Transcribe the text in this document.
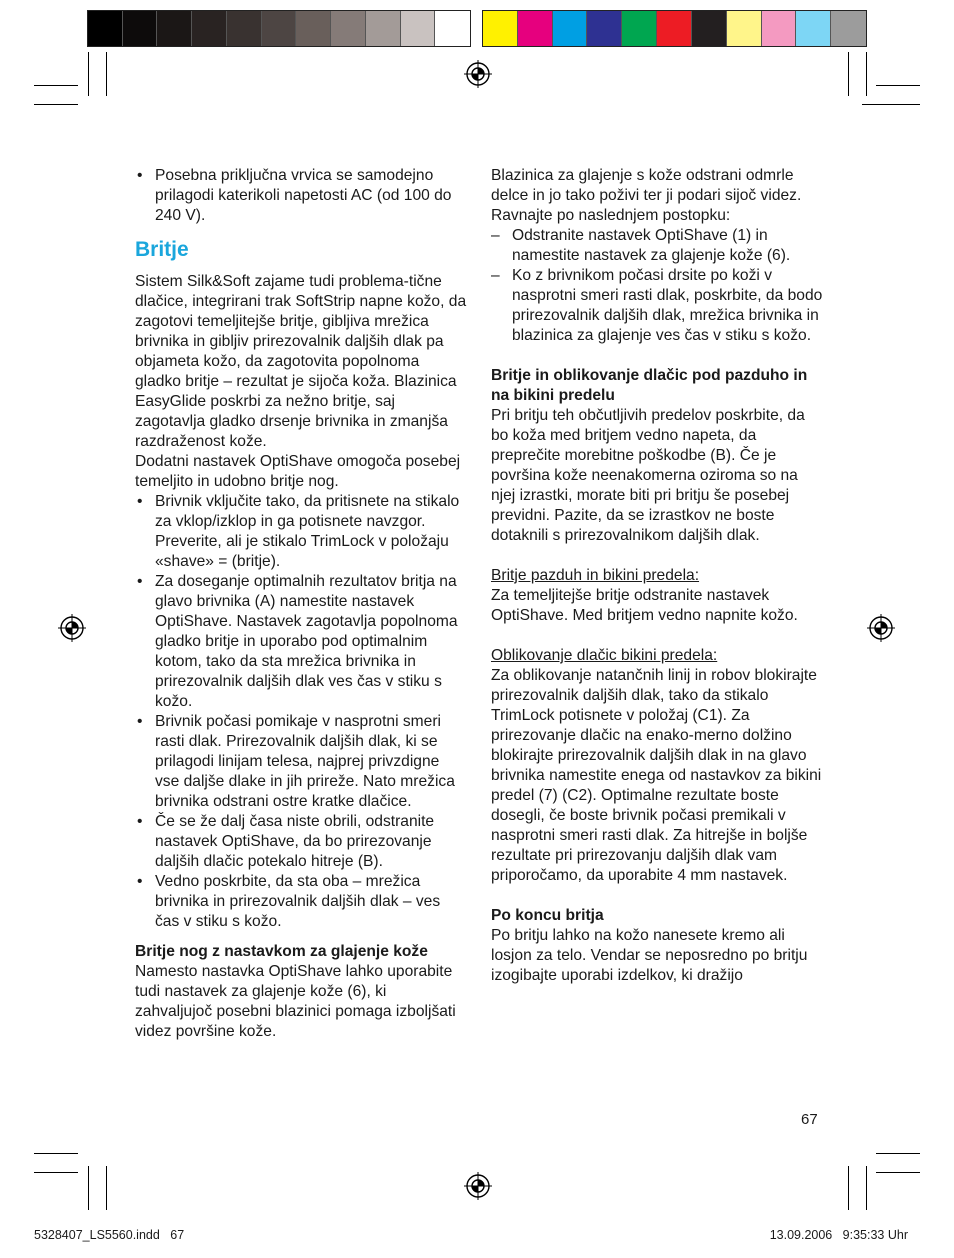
• Posebna priključna vrvica se samodejno prilagodi katerikoli napetosti AC (od 100 do 240 V).

Britje

Sistem Silk&Soft zajame tudi problema-tične dlačice, integrirani trak SoftStrip napne kožo, da zagotovi temeljitejše britje, gibljiva mrežica brivnika in gibljiv prirezovalnik daljših dlak pa objameta kožo, da zagotovita popolnoma gladko britje – rezultat je sijoča koža. Blazinica EasyGlide poskrbi za nežno britje, saj zagotavlja gladko drsenje brivnika in zmanjša razdraženost kože.

Dodatni nastavek OptiShave omogoča posebej temeljito in udobno britje nog.

• Brivnik vključite tako, da pritisnete na stikalo za vklop/izklop in ga potisnete navzgor. Preverite, ali je stikalo TrimLock v položaju «shave» = (britje).
• Za doseganje optimalnih rezultatov britja na glavo brivnika (A) namestite nastavek OptiShave. Nastavek zagotavlja popolnoma gladko britje in uporabo pod optimalnim kotom, tako da sta mrežica brivnika in prirezovalnik daljših dlak ves čas v stiku s kožo.
• Brivnik počasi pomikaje v nasprotni smeri rasti dlak. Prirezovalnik daljših dlak, ki se prilagodi linijam telesa, najprej privzdigne vse daljše dlake in jih prireže. Nato mrežica brivnika odstrani ostre kratke dlačice.
• Če se že dalj časa niste obrili, odstranite nastavek OptiShave, da bo prirezovanje daljših dlačic potekalo hitreje (B).
• Vedno poskrbite, da sta oba – mrežica brivnika in prirezovalnik daljših dlak – ves čas v stiku s kožo.

Britje nog z nastavkom za glajenje kože

Namesto nastavka OptiShave lahko uporabite tudi nastavek za glajenje kože (6), ki zahvaljujoč posebni blazinici pomaga izboljšati videz površine kože.

Blazinica za glajenje s kože odstrani odmrle delce in jo tako poživi ter ji podari sijoč videz.

Ravnajte po naslednjem postopku:

– Odstranite nastavek OptiShave (1) in namestite nastavek za glajenje kože (6).
– Ko z brivnikom počasi drsite po koži v nasprotni smeri rasti dlak, poskrbite, da bodo prirezovalnik daljših dlak, mrežica brivnika in blazinica za glajenje ves čas v stiku s kožo.

Britje in oblikovanje dlačic pod pazduho in na bikini predelu

Pri britju teh občutljivih predelov poskrbite, da bo koža med britjem vedno napeta, da preprečite morebitne poškodbe (B). Če je površina kože neenakomerna oziroma so na njej izrastki, morate biti pri britju še posebej previdni. Pazite, da se izrastkov ne boste dotaknili s prirezovalnikom daljših dlak.

Britje pazduh in bikini predela:

Za temeljitejše britje odstranite nastavek OptiShave. Med britjem vedno napnite kožo.

Oblikovanje dlačic bikini predela:

Za oblikovanje natančnih linij in robov blokirajte prirezovalnik daljših dlak, tako da stikalo TrimLock potisnete v položaj (C1). Za prirezovanje dlačic na enako-merno dolžino blokirajte prirezovalnik daljših dlak in na glavo brivnika namestite enega od nastavkov za bikini predel (7) (C2). Optimalne rezultate boste dosegli, če boste brivnik počasi premikali v nasprotni smeri rasti dlak. Za hitrejše in boljše rezultate pri prirezovanju daljših dlak vam priporočamo, da uporabite 4 mm nastavek.

Po koncu britja

Po britju lahko na kožo nanesete kremo ali losjon za telo. Vendar se neposredno po britju izogibajte uporabi izdelkov, ki dražijo

67
5328407_LS5560.indd   67	13.09.2006   9:35:33 Uhr
